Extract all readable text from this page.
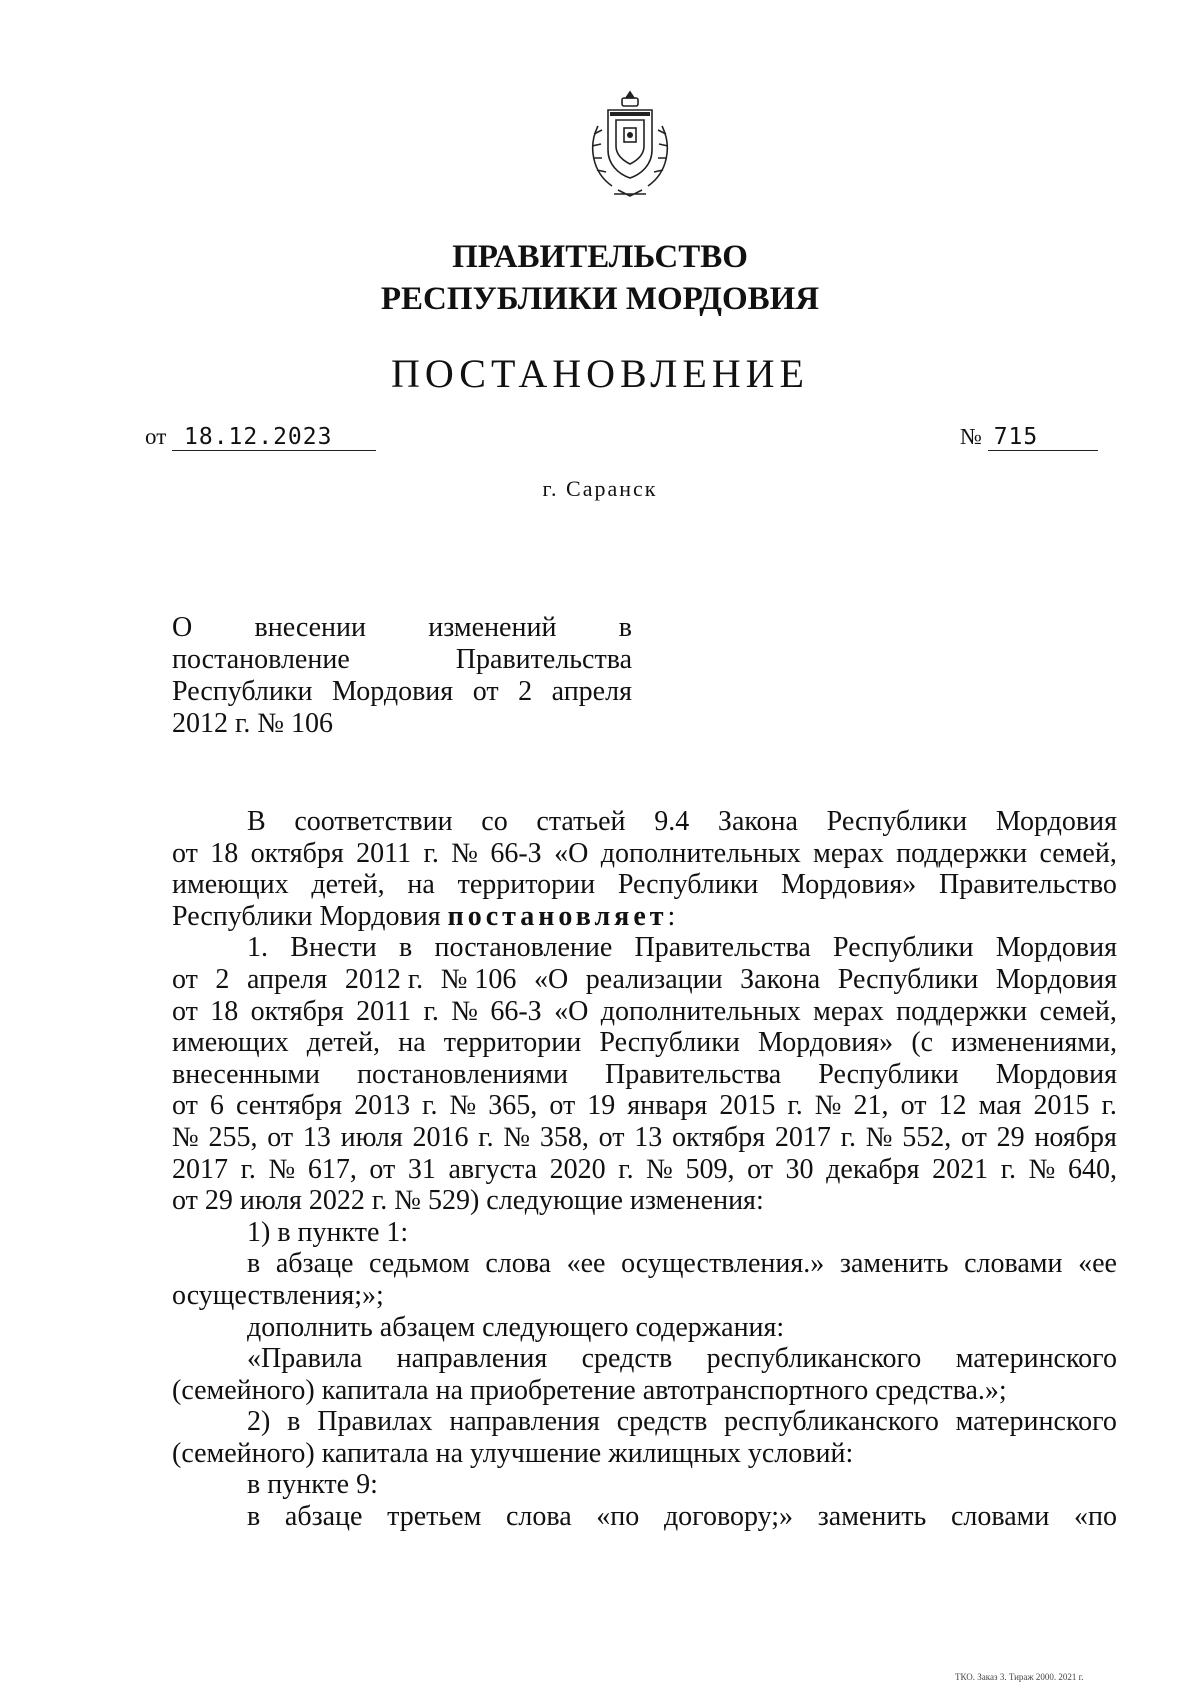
ПРАВИТЕЛЬСТВО
РЕСПУБЛИКИ МОРДОВИЯ
ПОСТАНОВЛЕНИЕ
от 18.12.2023	№ 715
г. Саранск
О внесении изменений в
постановление	Правительства
Республики Мордовия от 2 апреля
2012 г. № 106
В соответствии со статьей 9.4 Закона Республики Мордовия
от 18 октября 2011 г. № 66-З «О дополнительных мерах поддержки семей,
имеющих детей, на территории Республики Мордовия» Правительство
Республики Мордовия постановляет :
1. Внести в постановление Правительства Республики Мордовия
от 2 апреля 2012 г. № 106 «О реализации Закона Республики Мордовия
от 18 октября 2011 г. № 66-З «О дополнительных мерах поддержки семей,
имеющих детей, на территории Республики Мордовия» (с изменениями,
внесенными постановлениями Правительства Республики Мордовия
от 6 сентября 2013 г. № 365, от 19 января 2015 г. № 21, от 12 мая 2015 г.
№ 255, от 13 июля 2016 г. № 358, от 13 октября 2017 г. № 552, от 29 ноября
2017 г. № 617, от 31 августа 2020 г. № 509, от 30 декабря 2021 г. № 640,
от 29 июля 2022 г. № 529) следующие изменения:
1) в пункте 1:
в абзаце седьмом слова «ее осуществления.» заменить словами «ее
осуществления;»;
дополнить абзацем следующего содержания:
«Правила направления средств республиканского материнского
(семейного) капитала на приобретение автотранспортного средства.»;
2) в Правилах направления средств республиканского материнского
(семейного) капитала на улучшение жилищных условий:
в пункте 9:
в абзаце третьем слова «по договору;» заменить словами «по
ТКО. Заказ 3. Тираж 2000. 2021 г.
